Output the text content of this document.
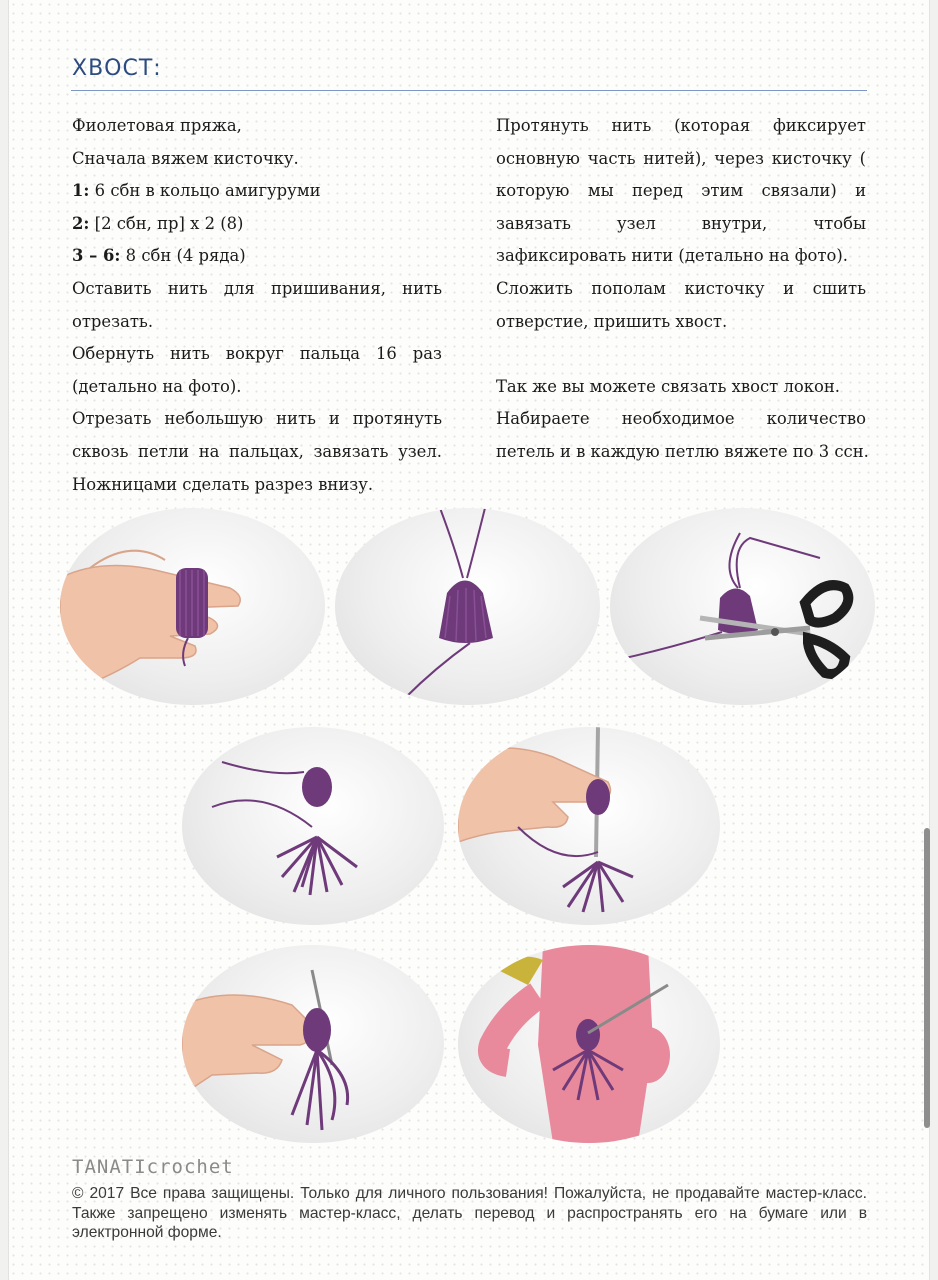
ХВОСТ:
Фиолетовая пряжа,
Сначала вяжем кисточку.
1: 6 сбн в кольцо амигуруми
2: [2 сбн, пр] х 2 (8)
3 – 6: 8 сбн (4 ряда)
Оставить нить для пришивания, нить
отрезать.
Обернуть нить вокруг пальца 16 раз
(детально на фото).
Отрезать небольшую нить и протянуть
сквозь петли на пальцах, завязать узел.
Ножницами сделать разрез внизу.
Протянуть нить (которая фиксирует
основную часть нитей), через кисточку (
которую мы перед этим связали) и
завязать узел внутри, чтобы
зафиксировать нити (детально на фото).
Сложить пополам кисточку и сшить
отверстие, пришить хвост.
Так же вы можете связать хвост локон.
Набираете необходимое количество
петель и в каждую петлю вяжете по 3 ссн.
TANATIcrochet
© 2017 Все права защищены. Только для личного пользования! Пожалуйста, не продавайте мастер-класс. Также запрещено изменять мастер-класс, делать перевод и распространять его на бумаге или в электронной форме.
